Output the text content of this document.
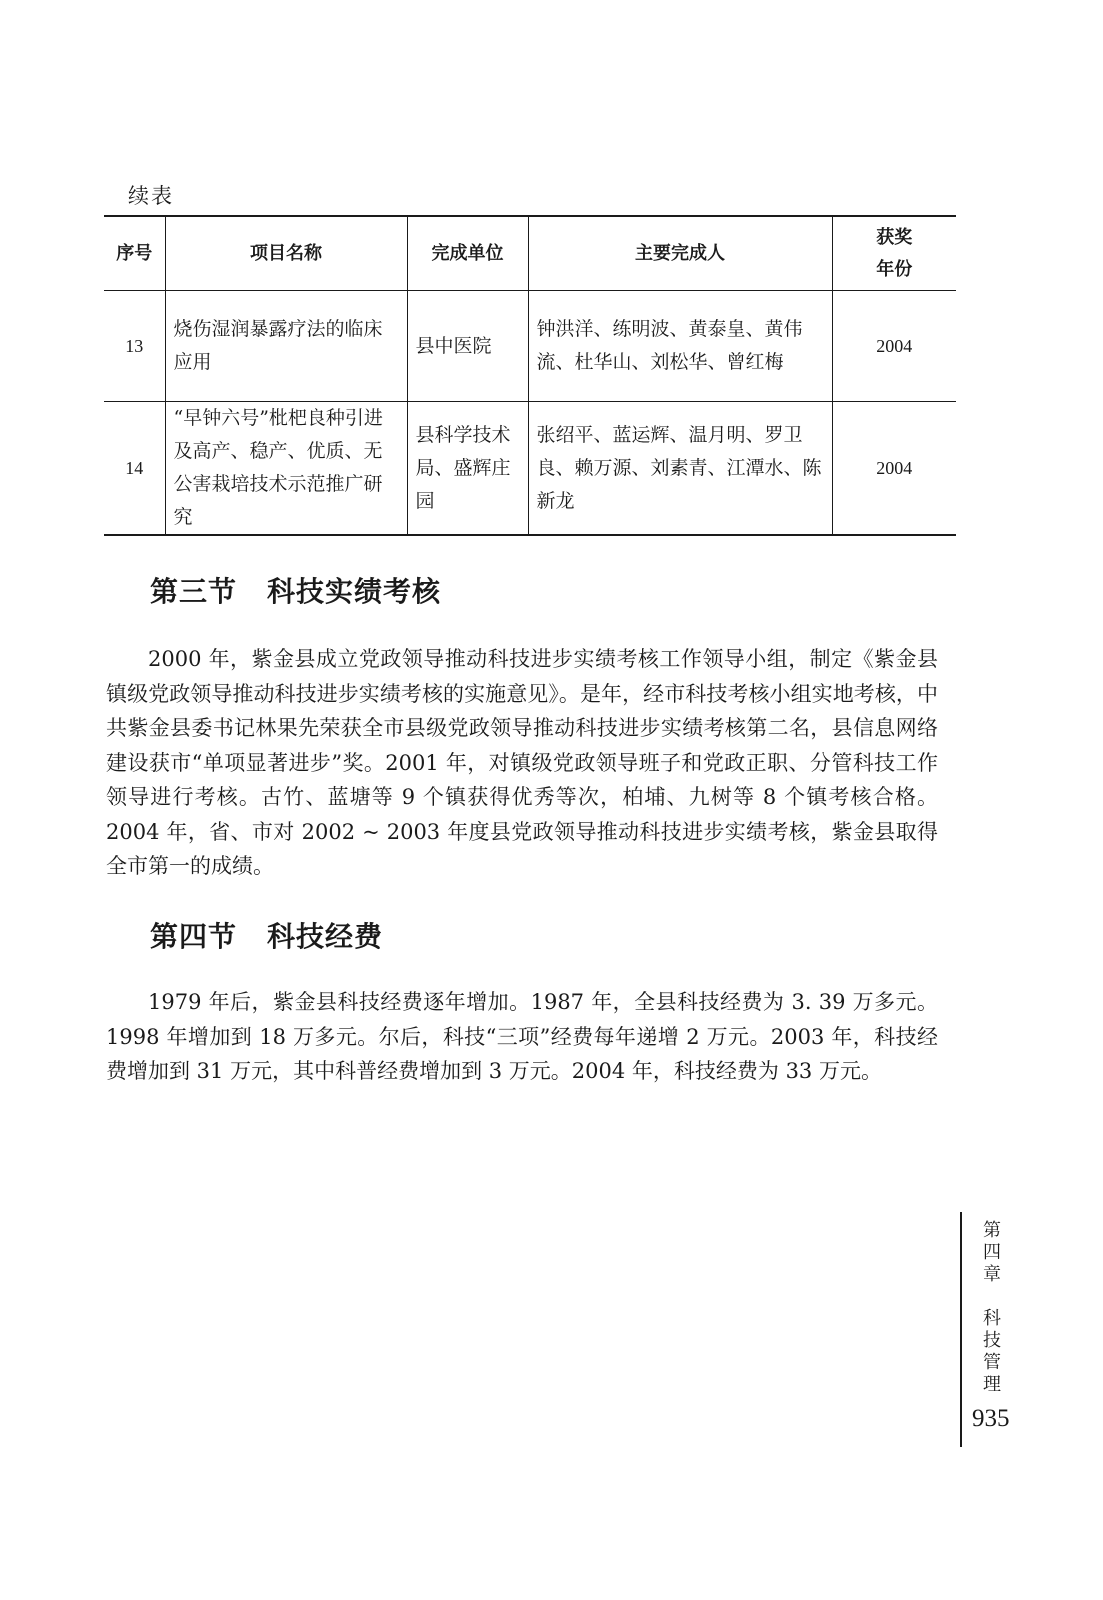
续表
序号	项目名称	完成单位	主要完成人	获奖
年份

13	烧伤湿润暴露疗法的临床应用	县中医院	钟洪洋、练明波、黄泰皇、黄伟流、杜华山、刘松华、曾红梅	2004
14	“早钟六号”枇杷良种引进及高产、稳产、优质、无公害栽培技术示范推广研究	县科学技术局、盛辉庄园	张绍平、蓝运辉、温月明、罗卫良、赖万源、刘素青、江潭水、陈新龙	2004
第三节 科技实绩考核

2000 年，紫金县成立党政领导推动科技进步实绩考核工作领导小组，制定《紫金县镇级党政领导推动科技进步实绩考核的实施意见》。是年，经市科技考核小组实地考核，中共紫金县委书记林果先荣获全市县级党政领导推动科技进步实绩考核第二名，县信息网络建设获市“单项显著进步”奖。2001 年，对镇级党政领导班子和党政正职、分管科技工作领导进行考核。古竹、蓝塘等 9 个镇获得优秀等次，柏埔、九树等 8 个镇考核合格。2004 年，省、市对 2002 ~ 2003 年度县党政领导推动科技进步实绩考核，紫金县取得全市第一的成绩。

第四节 科技经费

1979 年后，紫金县科技经费逐年增加。1987 年，全县科技经费为 3. 39 万多元。1998 年增加到 18 万多元。尔后，科技“三项”经费每年递增 2 万元。2003 年，科技经费增加到 31 万元，其中科普经费增加到 3 万元。2004 年，科技经费为 33 万元。

第四章　科技管理
935
